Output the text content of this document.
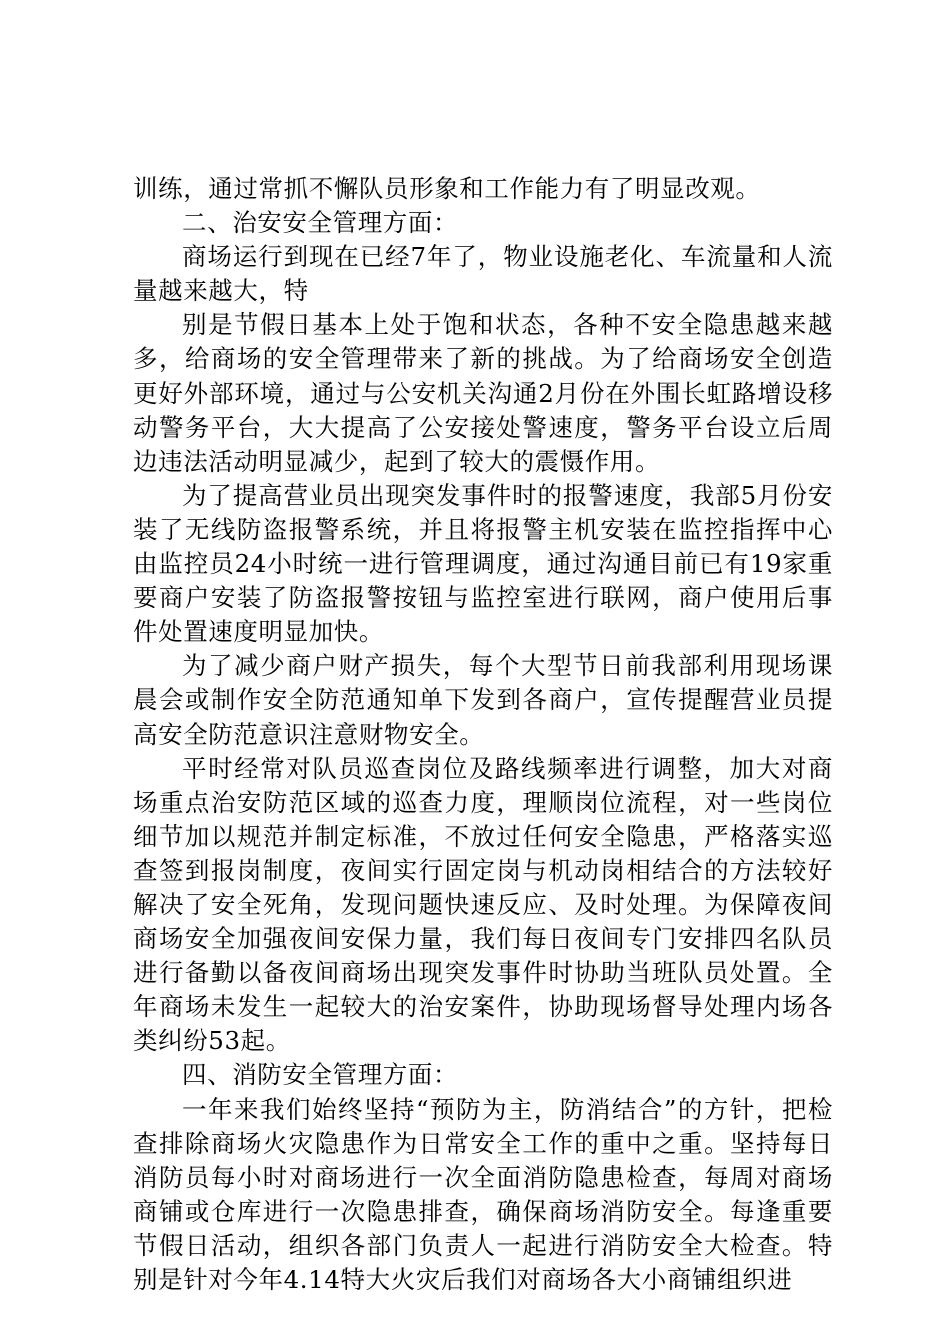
训练，通过常抓不懈队员形象和工作能力有了明显改观。

二、治安安全管理方面：

商场运行到现在已经7年了，物业设施老化、车流量和人流量越来越大，特

别是节假日基本上处于饱和状态，各种不安全隐患越来越多，给商场的安全管理带来了新的挑战。为了给商场安全创造更好外部环境，通过与公安机关沟通2月份在外围长虹路增设移动警务平台，大大提高了公安接处警速度，警务平台设立后周边违法活动明显减少，起到了较大的震慑作用。

为了提高营业员出现突发事件时的报警速度，我部5月份安装了无线防盗报警系统，并且将报警主机安装在监控指挥中心由监控员24小时统一进行管理调度，通过沟通目前已有19家重要商户安装了防盗报警按钮与监控室进行联网，商户使用后事件处置速度明显加快。

为了减少商户财产损失，每个大型节日前我部利用现场课晨会或制作安全防范通知单下发到各商户，宣传提醒营业员提高安全防范意识注意财物安全。

平时经常对队员巡查岗位及路线频率进行调整，加大对商场重点治安防范区域的巡查力度，理顺岗位流程，对一些岗位细节加以规范并制定标准，不放过任何安全隐患，严格落实巡查签到报岗制度，夜间实行固定岗与机动岗相结合的方法较好解决了安全死角，发现问题快速反应、及时处理。为保障夜间商场安全加强夜间安保力量，我们每日夜间专门安排四名队员进行备勤以备夜间商场出现突发事件时协助当班队员处置。全年商场未发生一起较大的治安案件，协助现场督导处理内场各类纠纷53起。

四、消防安全管理方面：

一年来我们始终坚持“预防为主，防消结合”的方针，把检查排除商场火灾隐患作为日常安全工作的重中之重。坚持每日消防员每小时对商场进行一次全面消防隐患检查，每周对商场商铺或仓库进行一次隐患排查，确保商场消防安全。每逢重要节假日活动，组织各部门负责人一起进行消防安全大检查。特别是针对今年4.14特大火灾后我们对商场各大小商铺组织进
